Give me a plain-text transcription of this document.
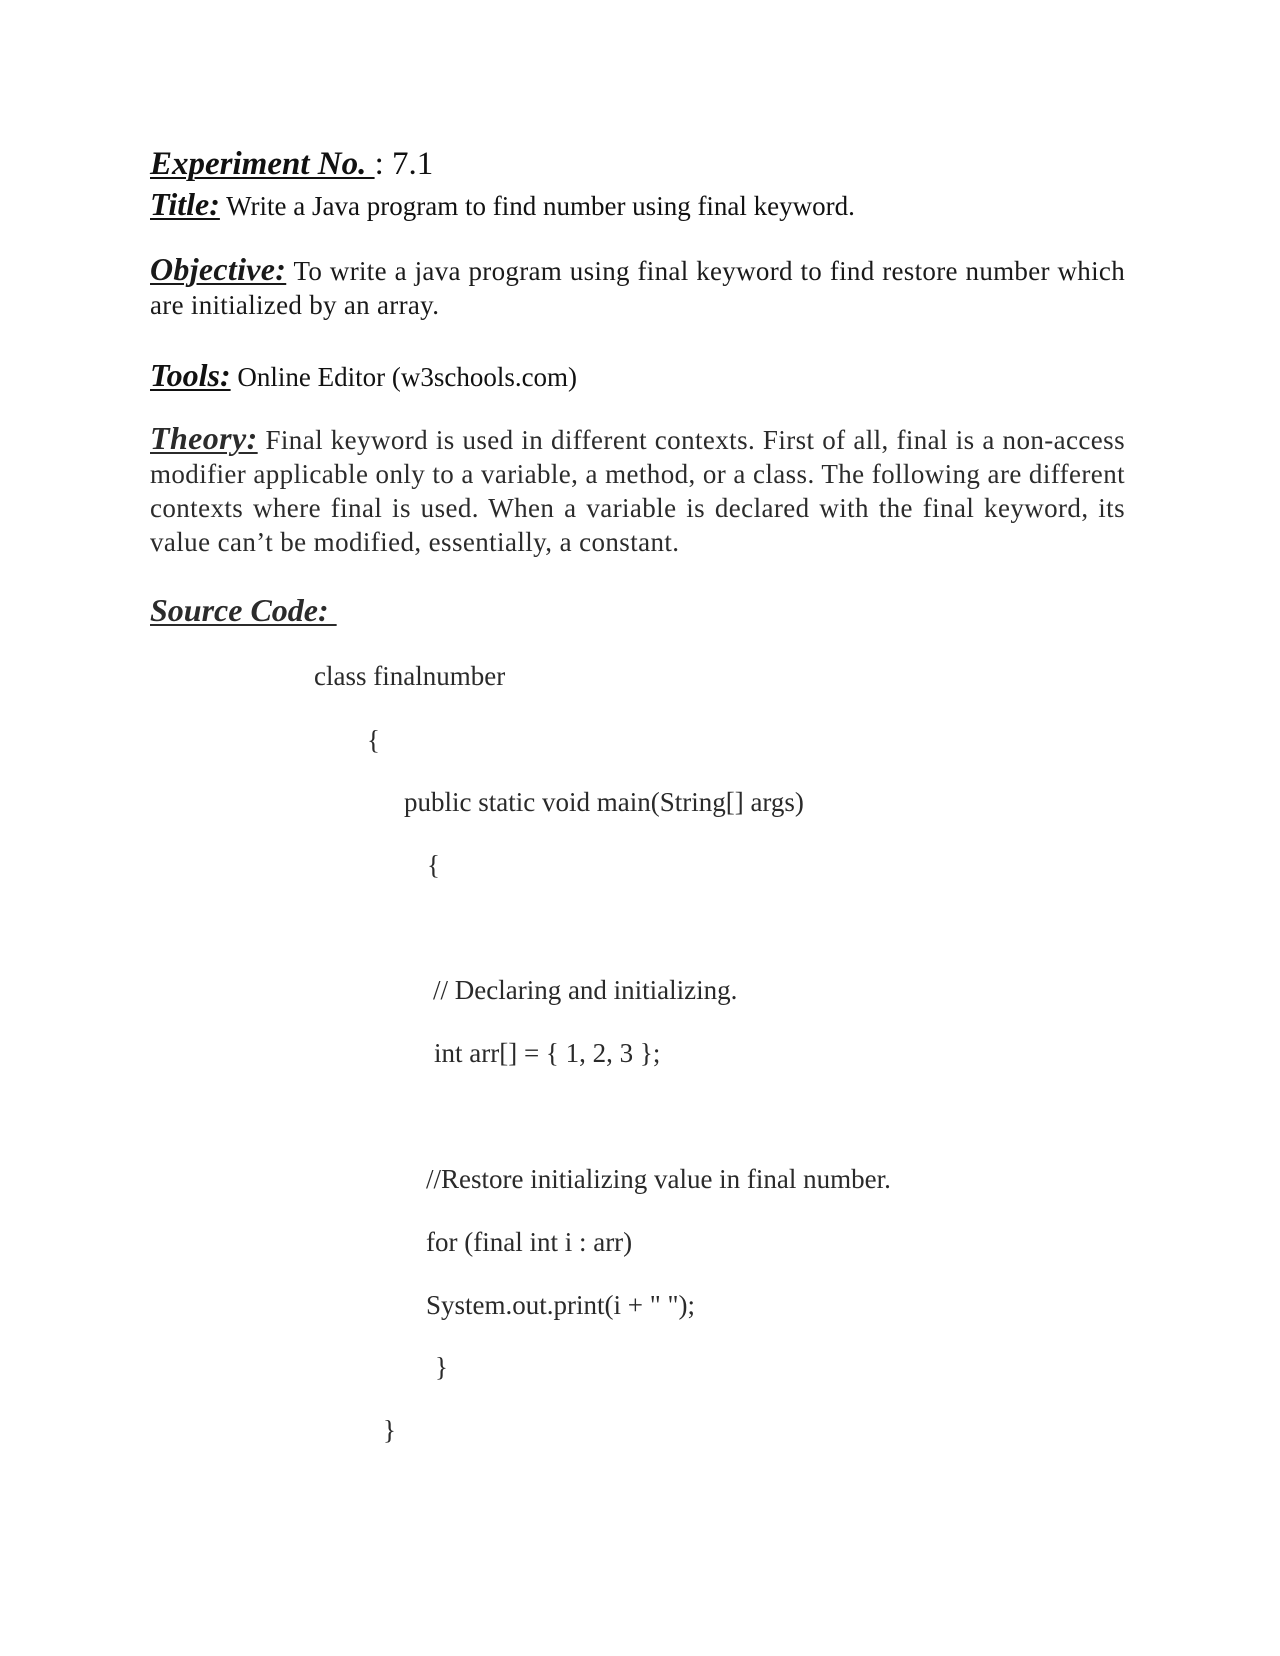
Experiment No. : 7.1
Title: Write a Java program to find number using final keyword.
Objective: To write a java program using final keyword to find restore number which are initialized by an array.
Tools: Online Editor (w3schools.com)
Theory: Final keyword is used in different contexts. First of all, final is a non-access modifier applicable only to a variable, a method, or a class. The following are different contexts where final is used. When a variable is declared with the final keyword, its value can’t be modified, essentially, a constant.
Source Code:
class finalnumber
{
public static void main(String[] args)
{
// Declaring and initializing.
int arr[] = { 1, 2, 3 };
//Restore initializing value in final number.
for (final int i : arr)
System.out.print(i + " ");
}
}
